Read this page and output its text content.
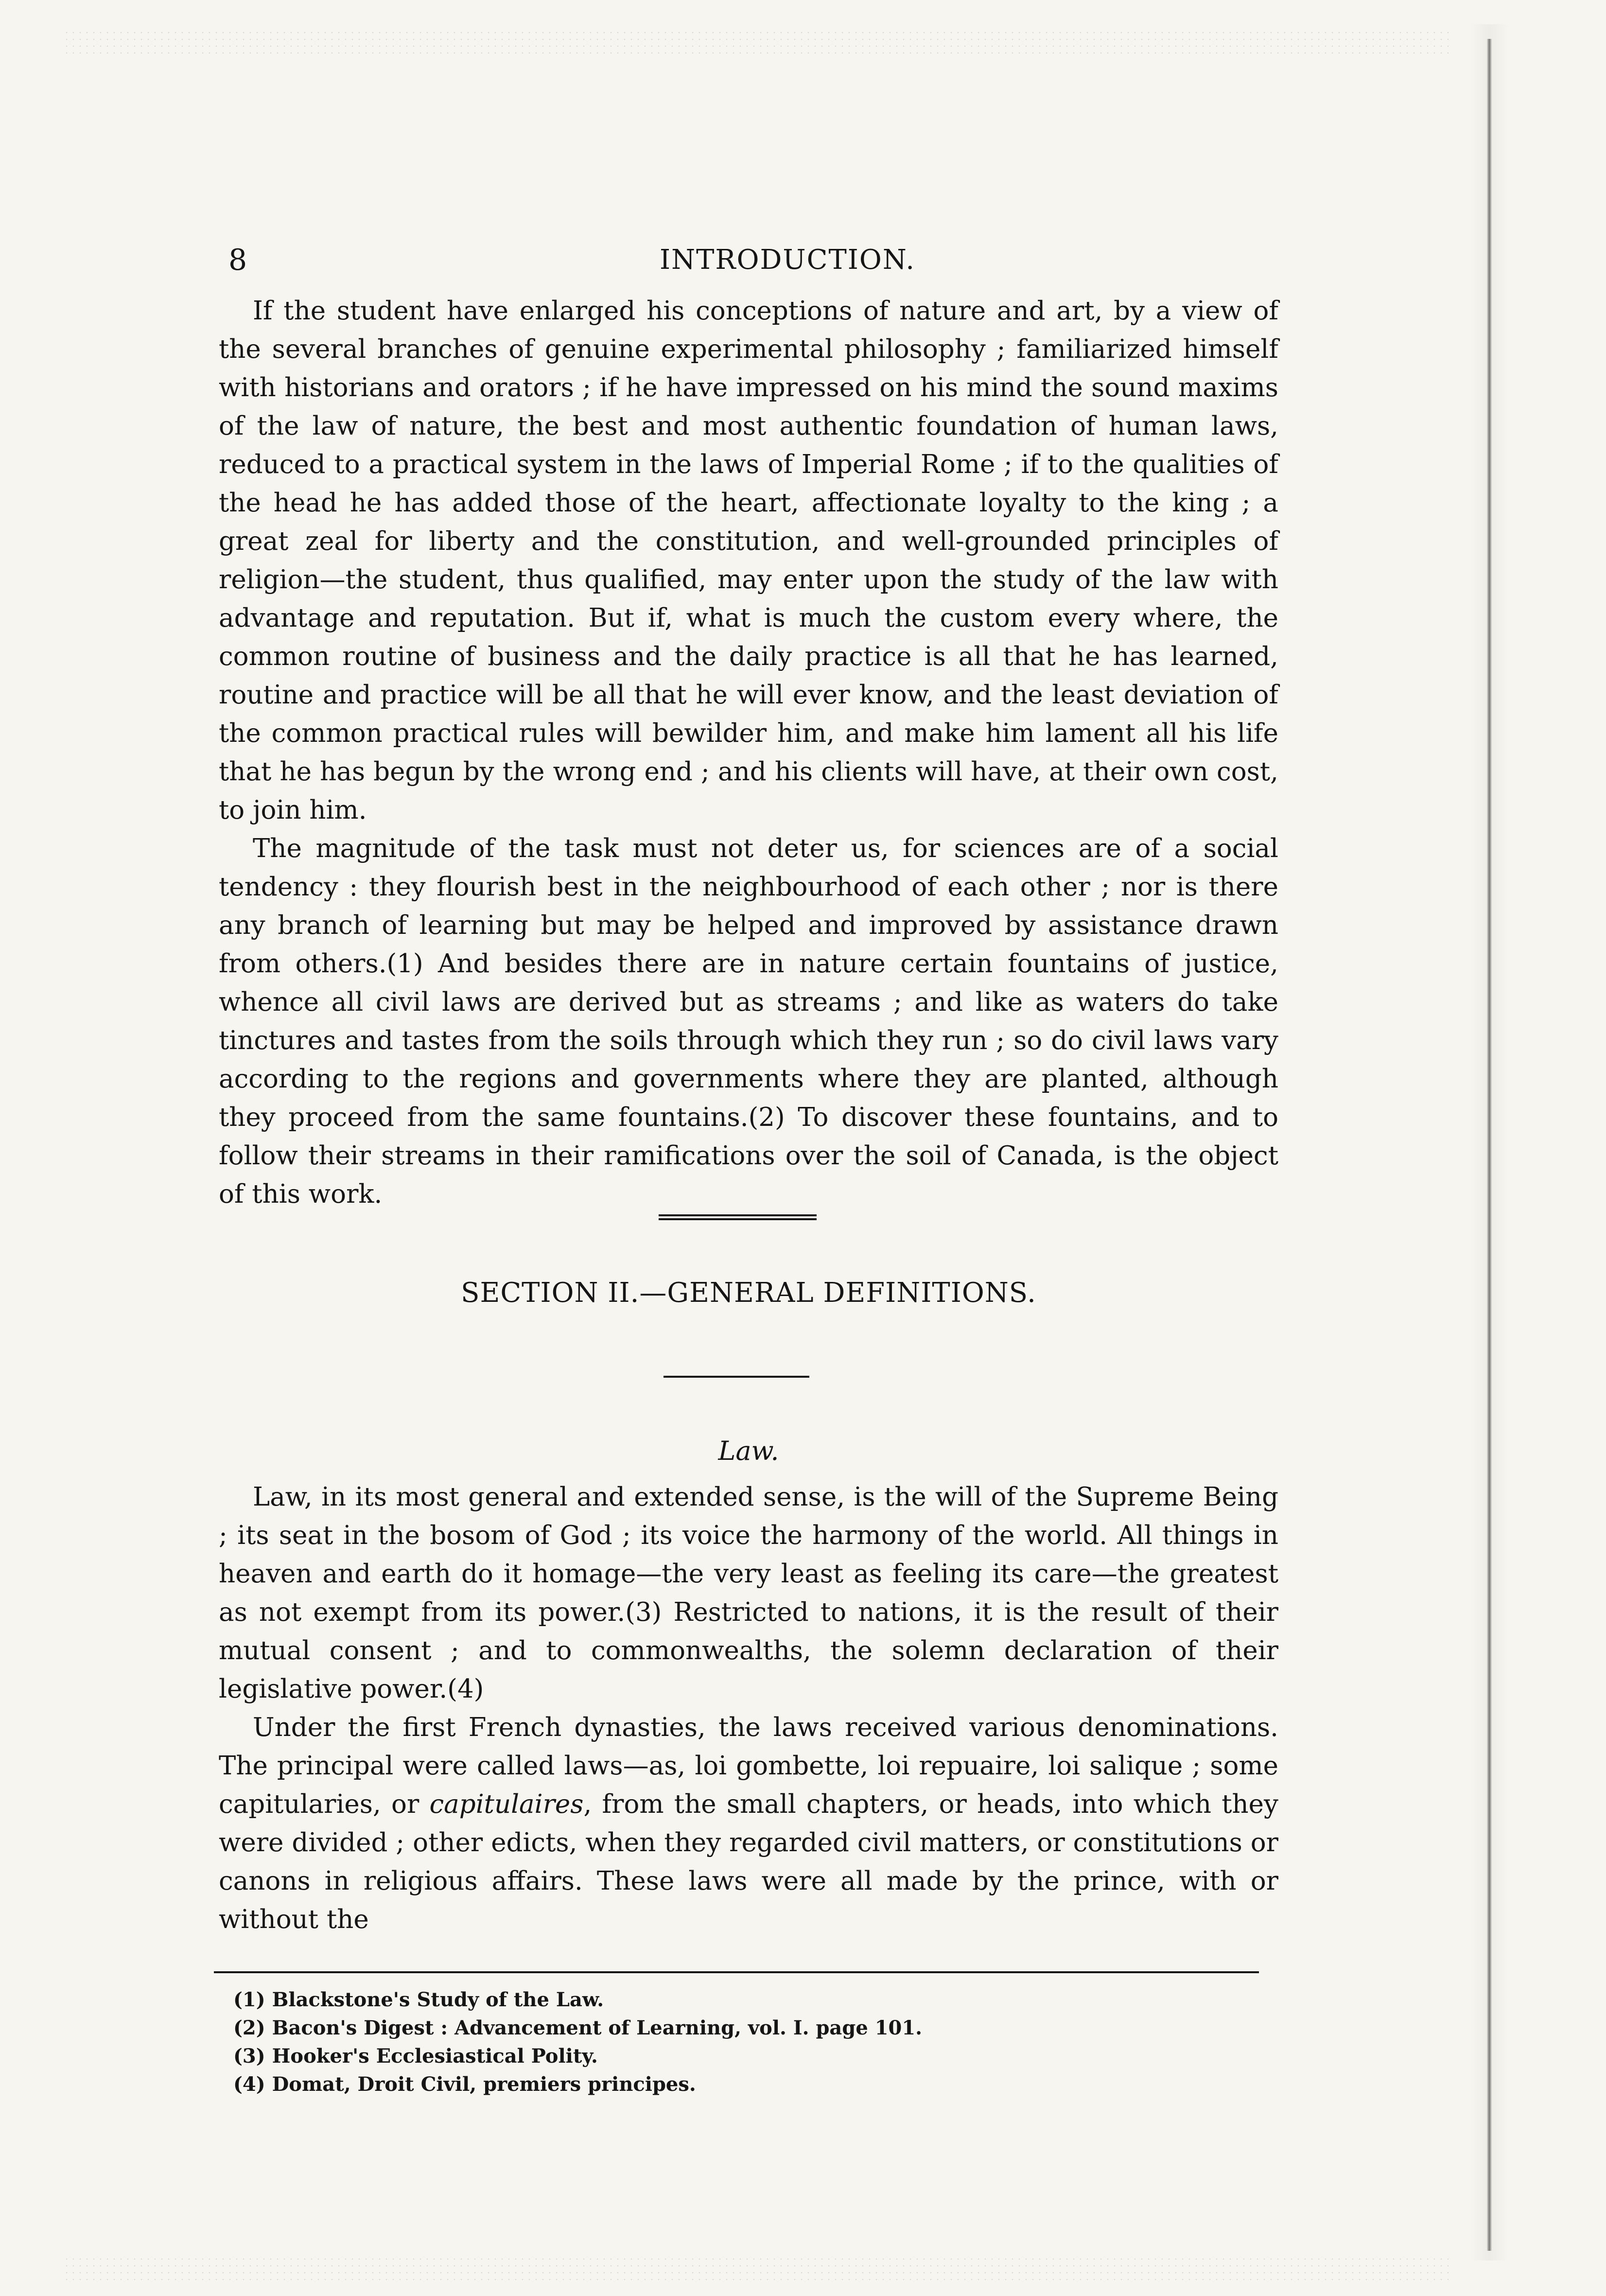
8	INTRODUCTION.

If the student have enlarged his conceptions of nature and art, by a view of the several branches of genuine experimental philosophy ; familiarized himself with historians and orators ; if he have impressed on his mind the sound maxims of the law of nature, the best and most authentic foundation of human laws, reduced to a practical system in the laws of Imperial Rome ; if to the qualities of the head he has added those of the heart, affectionate loyalty to the king ; a great zeal for liberty and the constitution, and well-grounded principles of religion—the student, thus qualified, may enter upon the study of the law with advantage and reputation. But if, what is much the custom every where, the common routine of business and the daily practice is all that he has learned, routine and practice will be all that he will ever know, and the least deviation of the common practical rules will bewilder him, and make him lament all his life that he has begun by the wrong end ; and his clients will have, at their own cost, to join him.

The magnitude of the task must not deter us, for sciences are of a social tendency : they flourish best in the neighbourhood of each other ; nor is there any branch of learning but may be helped and improved by assistance drawn from others.(1) And besides there are in nature certain fountains of justice, whence all civil laws are derived but as streams ; and like as waters do take tinctures and tastes from the soils through which they run ; so do civil laws vary according to the regions and governments where they are planted, although they proceed from the same fountains.(2) To discover these fountains, and to follow their streams in their ramifications over the soil of Canada, is the object of this work.

SECTION II.—GENERAL DEFINITIONS.
Law.

Law, in its most general and extended sense, is the will of the Supreme Being ; its seat in the bosom of God ; its voice the harmony of the world. All things in heaven and earth do it homage—the very least as feeling its care—the greatest as not exempt from its power.(3) Restricted to nations, it is the result of their mutual consent ; and to commonwealths, the solemn declaration of their legislative power.(4)

Under the first French dynasties, the laws received various denominations. The principal were called laws—as, loi gombette, loi repuaire, loi salique ; some capitularies, or capitulaires, from the small chapters, or heads, into which they were divided ; other edicts, when they regarded civil matters, or constitutions or canons in religious affairs. These laws were all made by the prince, with or without the

(1) Blackstone's Study of the Law.
(2) Bacon's Digest : Advancement of Learning, vol. I. page 101.
(3) Hooker's Ecclesiastical Polity.
(4) Domat, Droit Civil, premiers principes.
